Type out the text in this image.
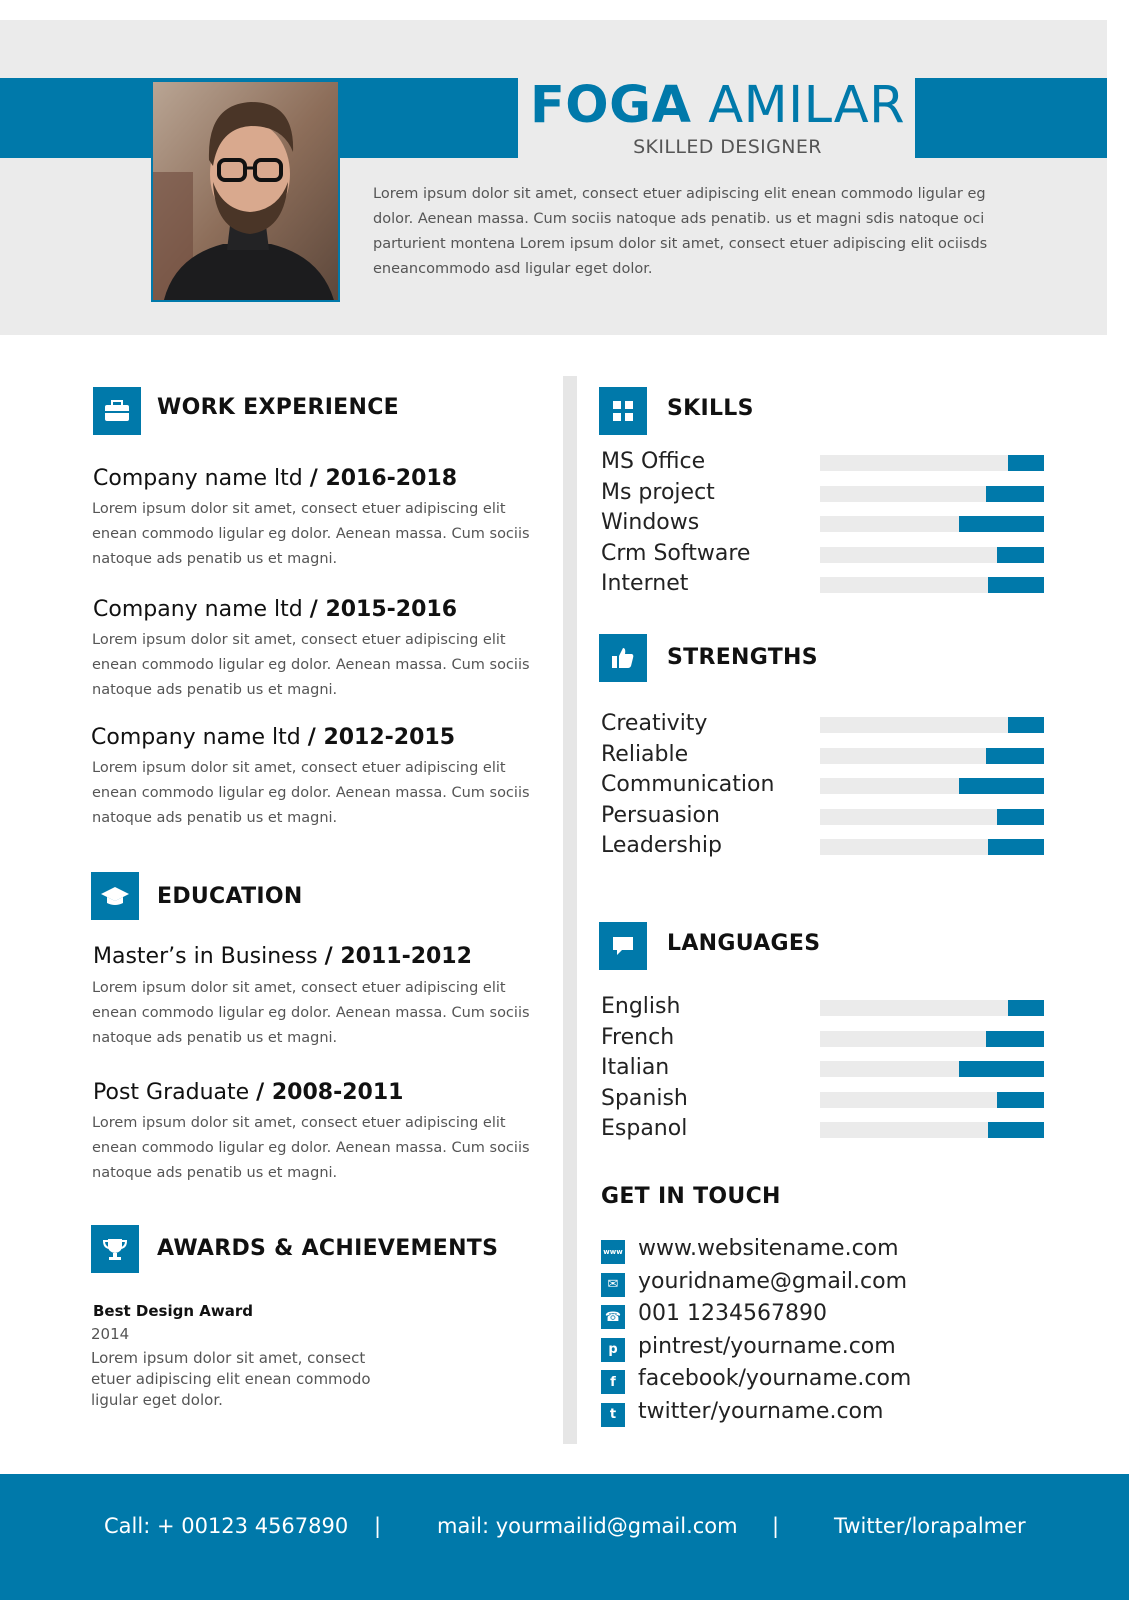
FOGA AMILAR
SKILLED DESIGNER
Lorem ipsum dolor sit amet, consect etuer adipiscing elit enean commodo ligular eg dolor. Aenean massa. Cum sociis natoque ads penatib. us et magni sdis natoque oci parturient montena Lorem ipsum dolor sit amet, consect etuer adipiscing elit ociisds eneancommodo asd ligular eget dolor.
WORK EXPERIENCE
Company name ltd / 2016-2018
Lorem ipsum dolor sit amet, consect etuer adipiscing elit enean commodo ligular eg dolor. Aenean massa. Cum sociis natoque ads penatib us et magni.
Company name ltd / 2015-2016
Lorem ipsum dolor sit amet, consect etuer adipiscing elit enean commodo ligular eg dolor. Aenean massa. Cum sociis natoque ads penatib us et magni.
Company name ltd / 2012-2015
Lorem ipsum dolor sit amet, consect etuer adipiscing elit enean commodo ligular eg dolor. Aenean massa. Cum sociis natoque ads penatib us et magni.
EDUCATION
Master’s in Business / 2011-2012
Lorem ipsum dolor sit amet, consect etuer adipiscing elit enean commodo ligular eg dolor. Aenean massa. Cum sociis natoque ads penatib us et magni.
Post Graduate / 2008-2011
Lorem ipsum dolor sit amet, consect etuer adipiscing elit enean commodo ligular eg dolor. Aenean massa. Cum sociis natoque ads penatib us et magni.
AWARDS & ACHIEVEMENTS
Best Design Award
2014
Lorem ipsum dolor sit amet, consect etuer adipiscing elit enean commodo ligular eget dolor.
SKILLS
MS Office
Ms project
Windows
Crm Software
Internet
STRENGTHS
Creativity
Reliable
Communication
Persuasion
Leadership
LANGUAGES
English
French
Italian
Spanish
Espanol
GET IN TOUCH
www www.websitename.com
✉ youridname@gmail.com
☎ 001 1234567890
p pintrest/yourname.com
f	facebook/yourname.com
t twitter/yourname.com
Call: + 00123 4567890 |	mail: yourmailid@gmail.com |	Twitter/lorapalmer
